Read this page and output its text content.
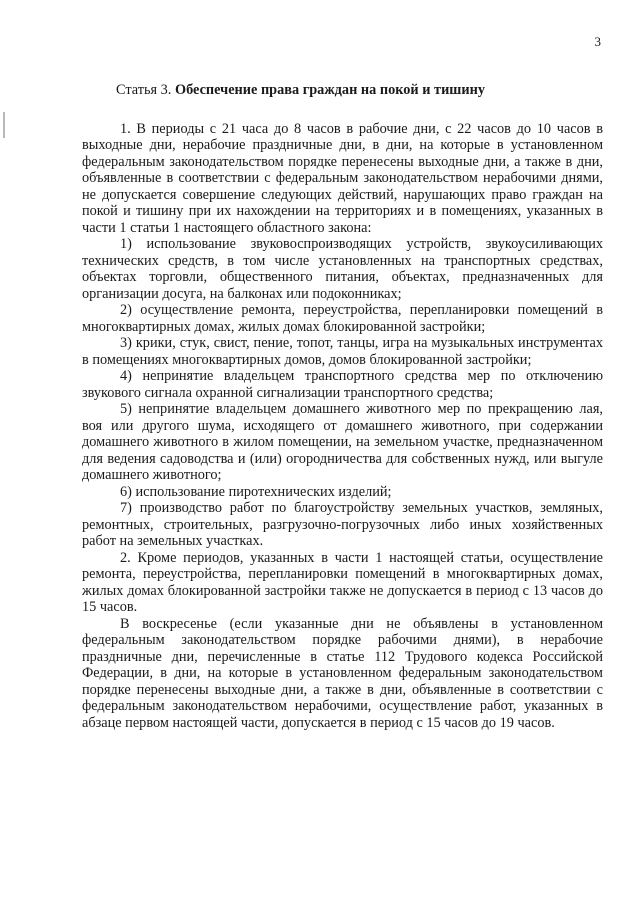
3
Статья 3. Обеспечение права граждан на покой и тишину

1. В периоды с 21 часа до 8 часов в рабочие дни, с 22 часов до 10 часов в выходные дни, нерабочие праздничные дни, в дни, на которые в установленном федеральным законодательством порядке перенесены выходные дни, а также в дни, объявленные в соответствии с федеральным законодательством нерабочими днями, не допускается совершение следующих действий, нарушающих право граждан на покой и тишину при их нахождении на территориях и в помещениях, указанных в части 1 статьи 1 настоящего областного закона:

1) использование звуковоспроизводящих устройств, звукоусиливающих технических средств, в том числе установленных на транспортных средствах, объектах торговли, общественного питания, объектах, предназначенных для организации досуга, на балконах или подоконниках;

2) осуществление ремонта, переустройства, перепланировки помещений в многоквартирных домах, жилых домах блокированной застройки;

3) крики, стук, свист, пение, топот, танцы, игра на музыкальных инструментах в помещениях многоквартирных домов, домов блокированной застройки;

4) непринятие владельцем транспортного средства мер по отключению звукового сигнала охранной сигнализации транспортного средства;

5) непринятие владельцем домашнего животного мер по прекращению лая, воя или другого шума, исходящего от домашнего животного, при содержании домашнего животного в жилом помещении, на земельном участке, предназначенном для ведения садоводства и (или) огородничества для собственных нужд, или выгуле домашнего животного;

6) использование пиротехнических изделий;

7) производство работ по благоустройству земельных участков, земляных, ремонтных, строительных, разгрузочно-погрузочных либо иных хозяйственных работ на земельных участках.

2. Кроме периодов, указанных в части 1 настоящей статьи, осуществление ремонта, переустройства, перепланировки помещений в многоквартирных домах, жилых домах блокированной застройки также не допускается в период с 13 часов до 15 часов.

В воскресенье (если указанные дни не объявлены в установленном федеральным законодательством порядке рабочими днями), в нерабочие праздничные дни, перечисленные в статье 112 Трудового кодекса Российской Федерации, в дни, на которые в установленном федеральным законодательством порядке перенесены выходные дни, а также в дни, объявленные в соответствии с федеральным законодательством нерабочими, осуществление работ, указанных в абзаце первом настоящей части, допускается в период с 15 часов до 19 часов.
